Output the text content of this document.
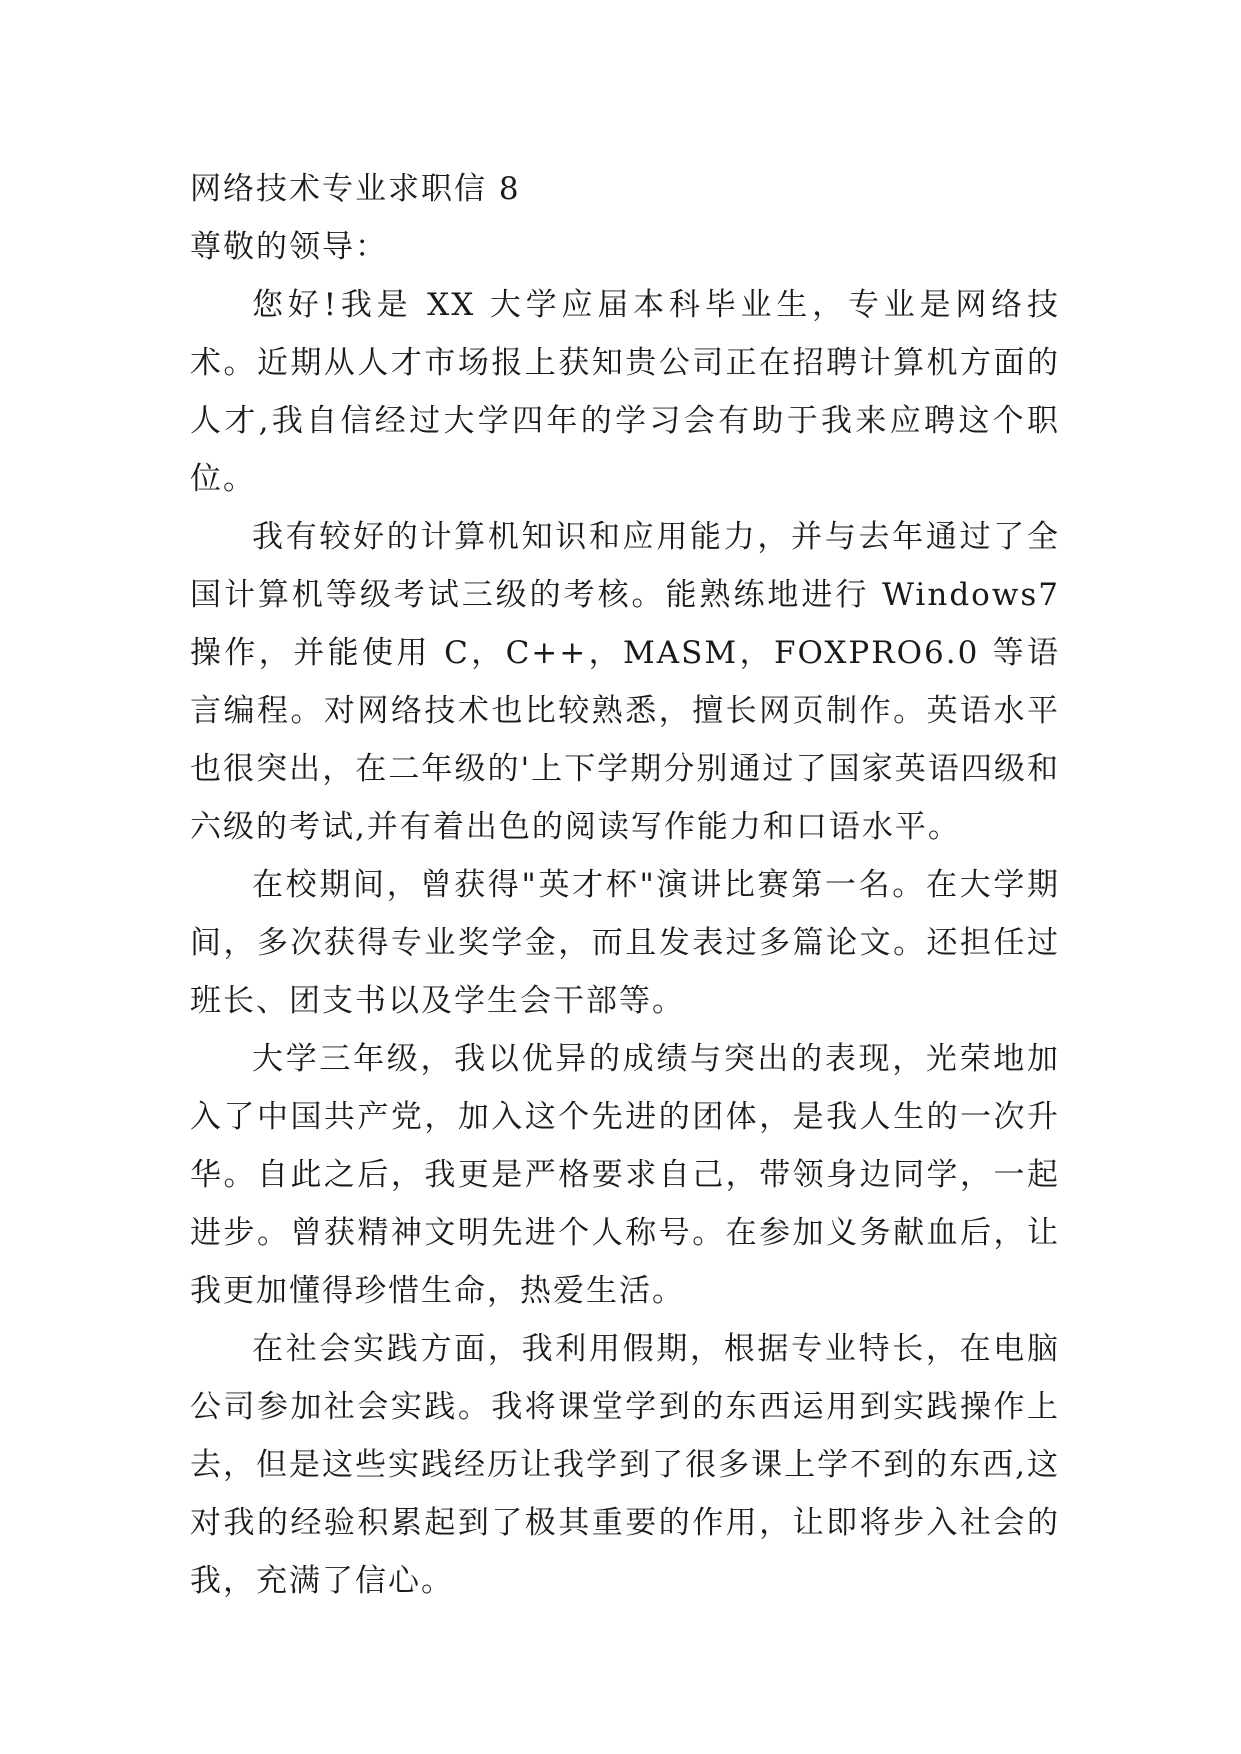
网络技术专业求职信 8

尊敬的领导：

您好!我是 XX 大学应届本科毕业生，专业是网络技术。近期从人才市场报上获知贵公司正在招聘计算机方面的人才,我自信经过大学四年的学习会有助于我来应聘这个职位。

我有较好的计算机知识和应用能力，并与去年通过了全国计算机等级考试三级的考核。能熟练地进行 Windows7 操作，并能使用 C，C++，MASM，FOXPRO6.0 等语言编程。对网络技术也比较熟悉，擅长网页制作。英语水平也很突出，在二年级的'上下学期分别通过了国家英语四级和六级的考试,并有着出色的阅读写作能力和口语水平。

在校期间，曾获得"英才杯"演讲比赛第一名。在大学期间，多次获得专业奖学金，而且发表过多篇论文。还担任过班长、团支书以及学生会干部等。

大学三年级，我以优异的成绩与突出的表现，光荣地加入了中国共产党，加入这个先进的团体，是我人生的一次升华。自此之后，我更是严格要求自己，带领身边同学，一起进步。曾获精神文明先进个人称号。在参加义务献血后，让我更加懂得珍惜生命，热爱生活。

在社会实践方面，我利用假期，根据专业特长，在电脑公司参加社会实践。我将课堂学到的东西运用到实践操作上去，但是这些实践经历让我学到了很多课上学不到的东西,这对我的经验积累起到了极其重要的作用，让即将步入社会的我，充满了信心。
